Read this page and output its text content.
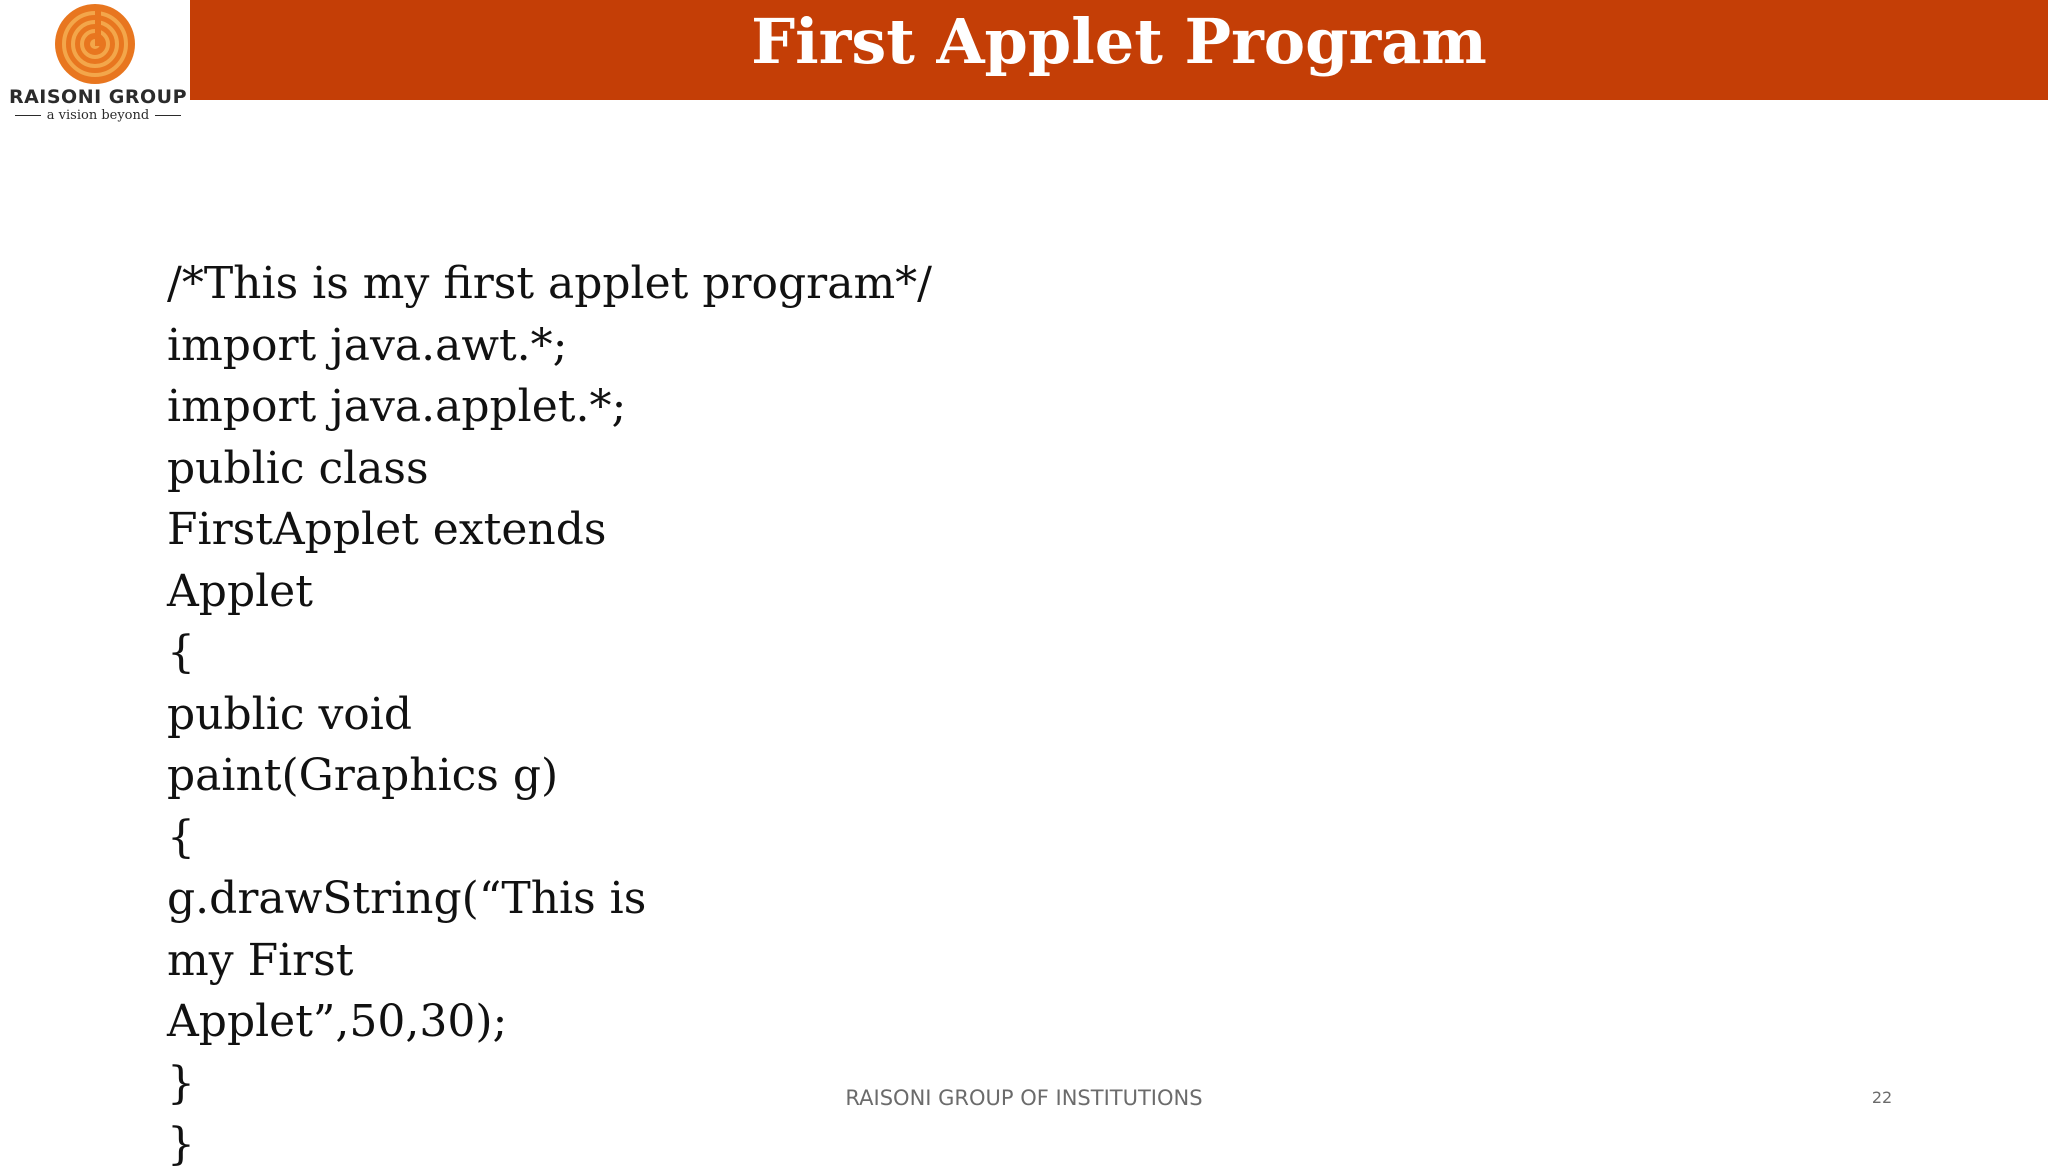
RAISONI GROUP
a vision beyond
First Applet Program
/*This is my first applet program*/
import java.awt.*;
import java.applet.*;
public class
FirstApplet extends
Applet
{
public void
paint(Graphics g)
{
g.drawString(“This is
my First
Applet”,50,30);
}
}
RAISONI GROUP OF INSTITUTIONS	22
